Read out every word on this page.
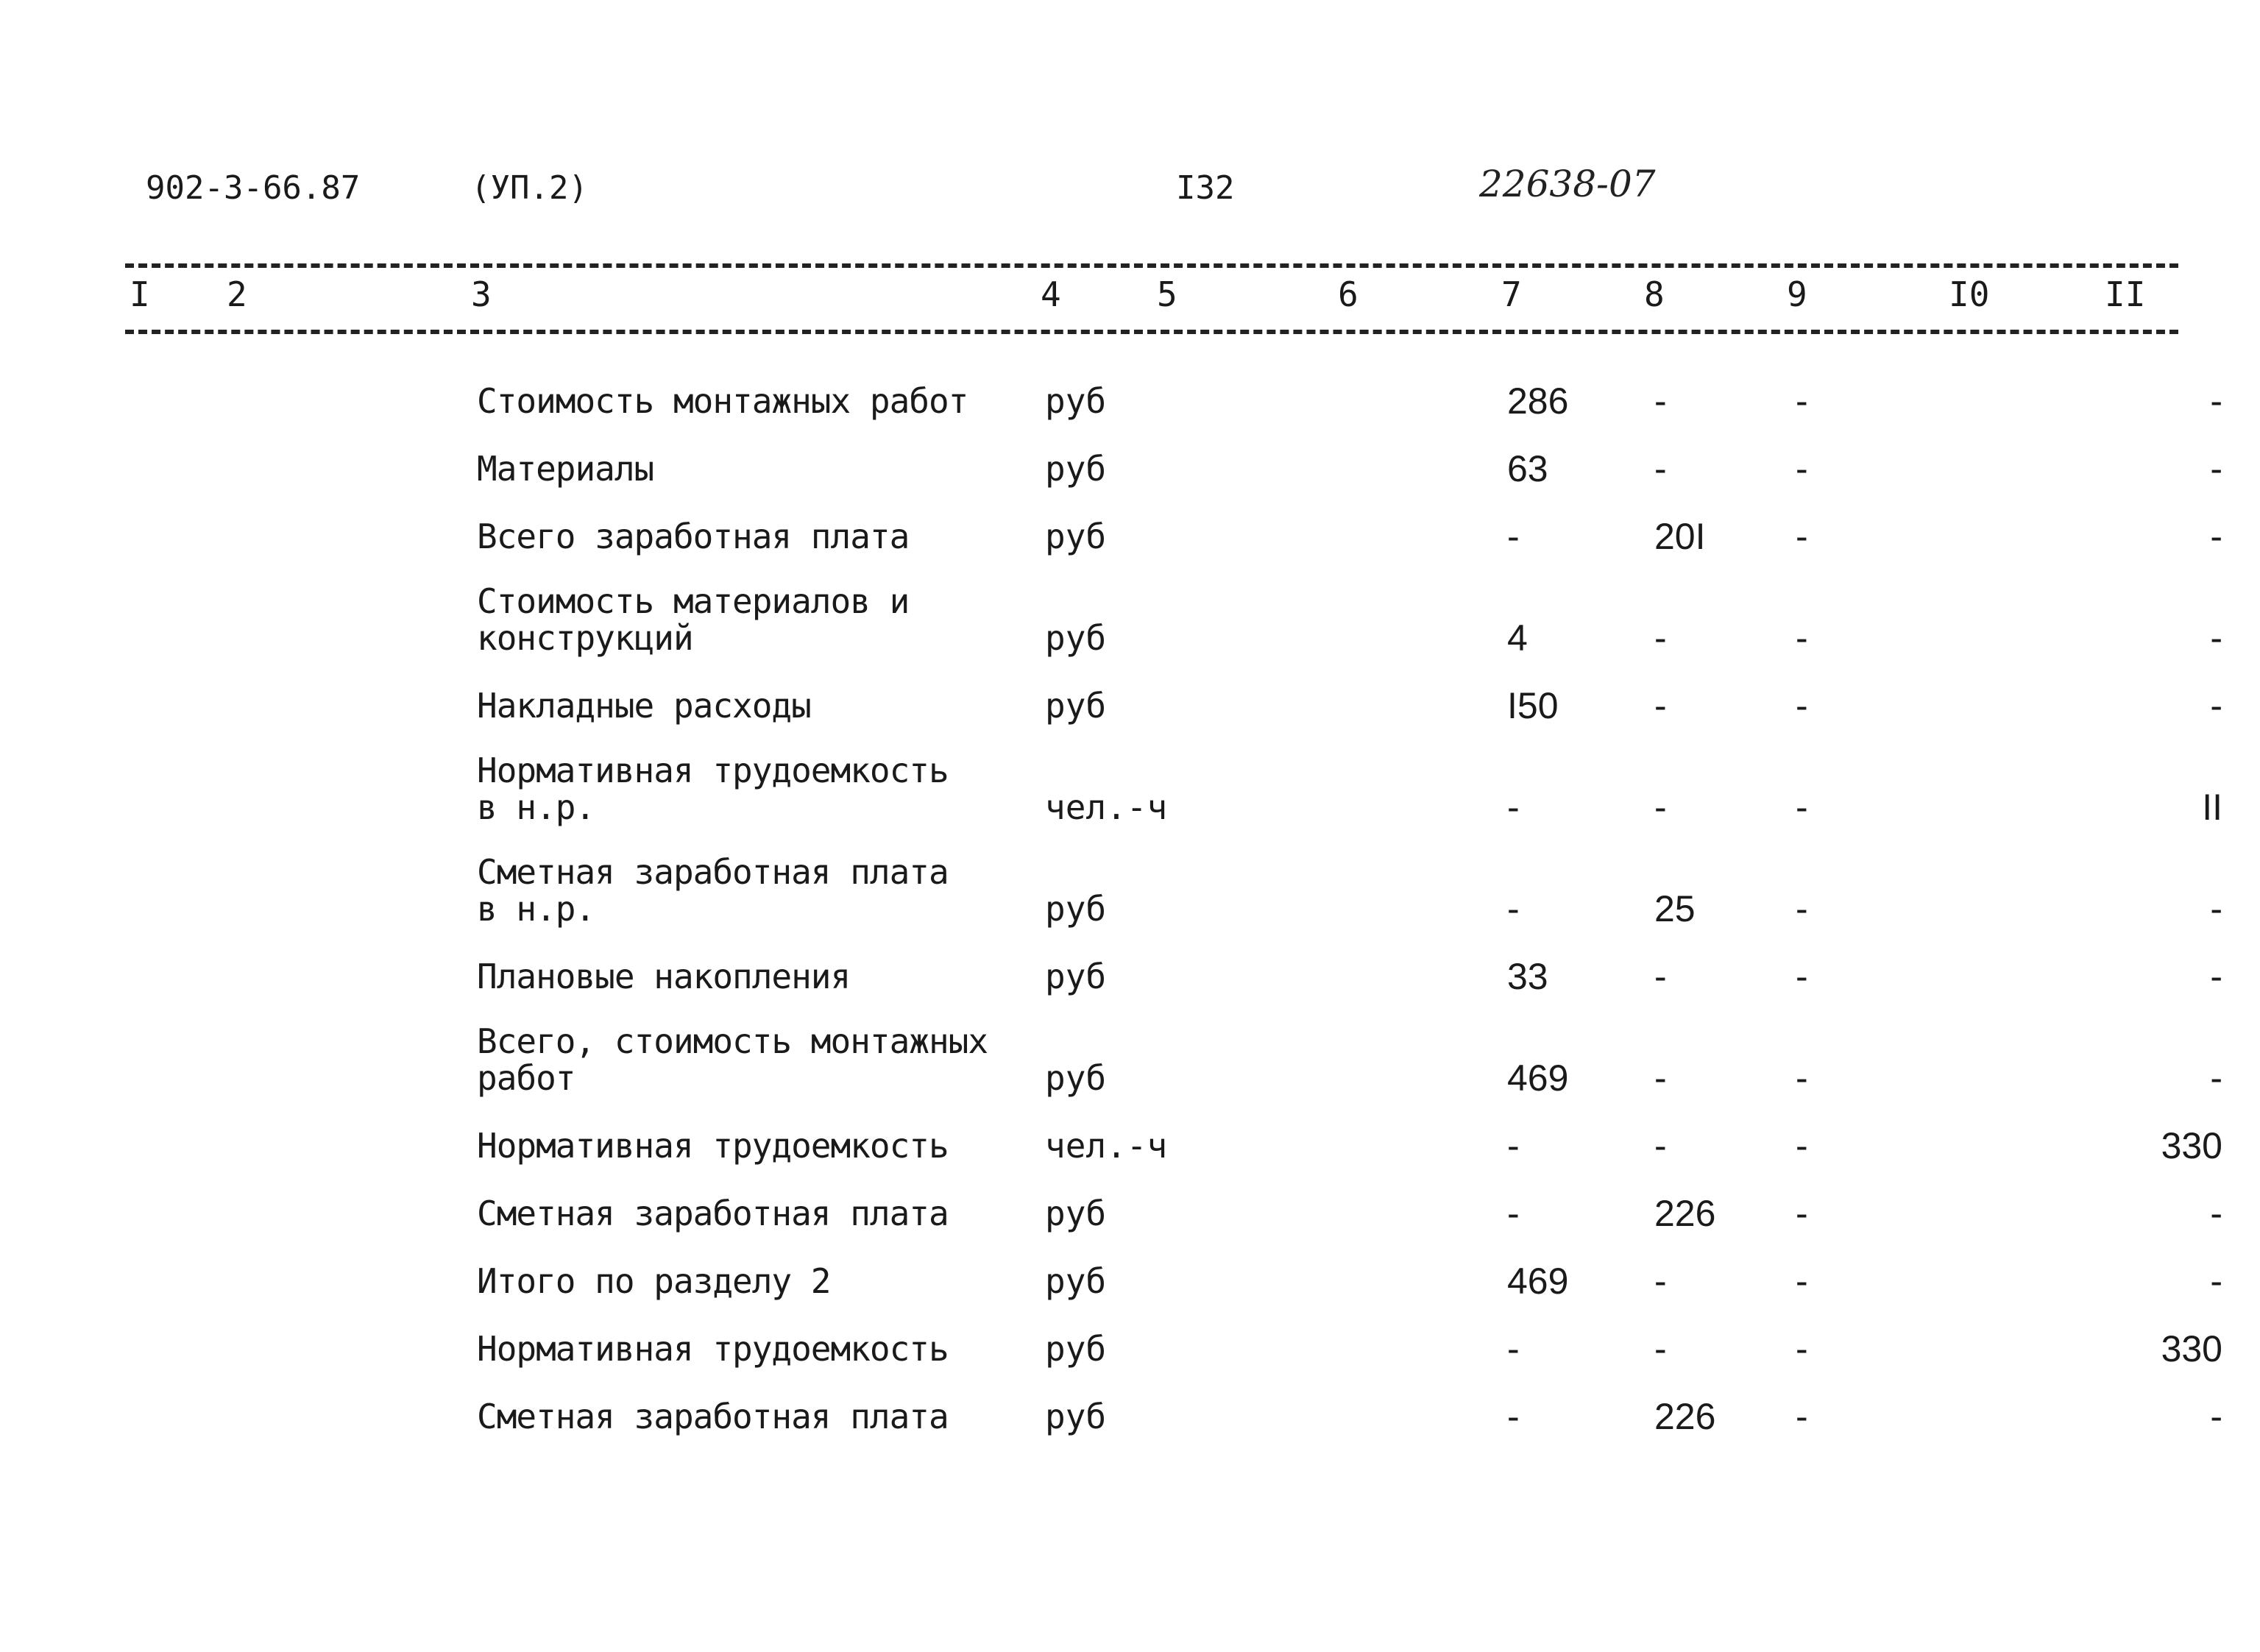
902-3-66.87	(УП.2)	I32	22638-07
I 2	3	4	5	6	7	8	9	I0	II
Стоимость монтажных работ руб	286	-	-	-
Материалы	руб	63	-	-	-
Всего заработная плата	руб	-	20I	-	-
Стоимость материалов и
конструкций	руб	4	-	-	-
Накладные расходы	руб	I50	-	-	-
Нормативная трудоемкость
в н.р.	чел.-ч	-	-	-	II
Сметная заработная плата
в н.р.	руб	-	25	-	-
Плановые накопления	руб	33	-	-	-
Всего, стоимость монтажных
работ	руб	469	-	-	-
Нормативная трудоемкость	чел.-ч	-	-	-	330
Сметная заработная плата	руб	-	226	-	-
Итого по разделу 2	руб	469	-	-	-
Нормативная трудоемкость	руб	-	-	-	330
Сметная заработная плата	руб	-	226	-	-
